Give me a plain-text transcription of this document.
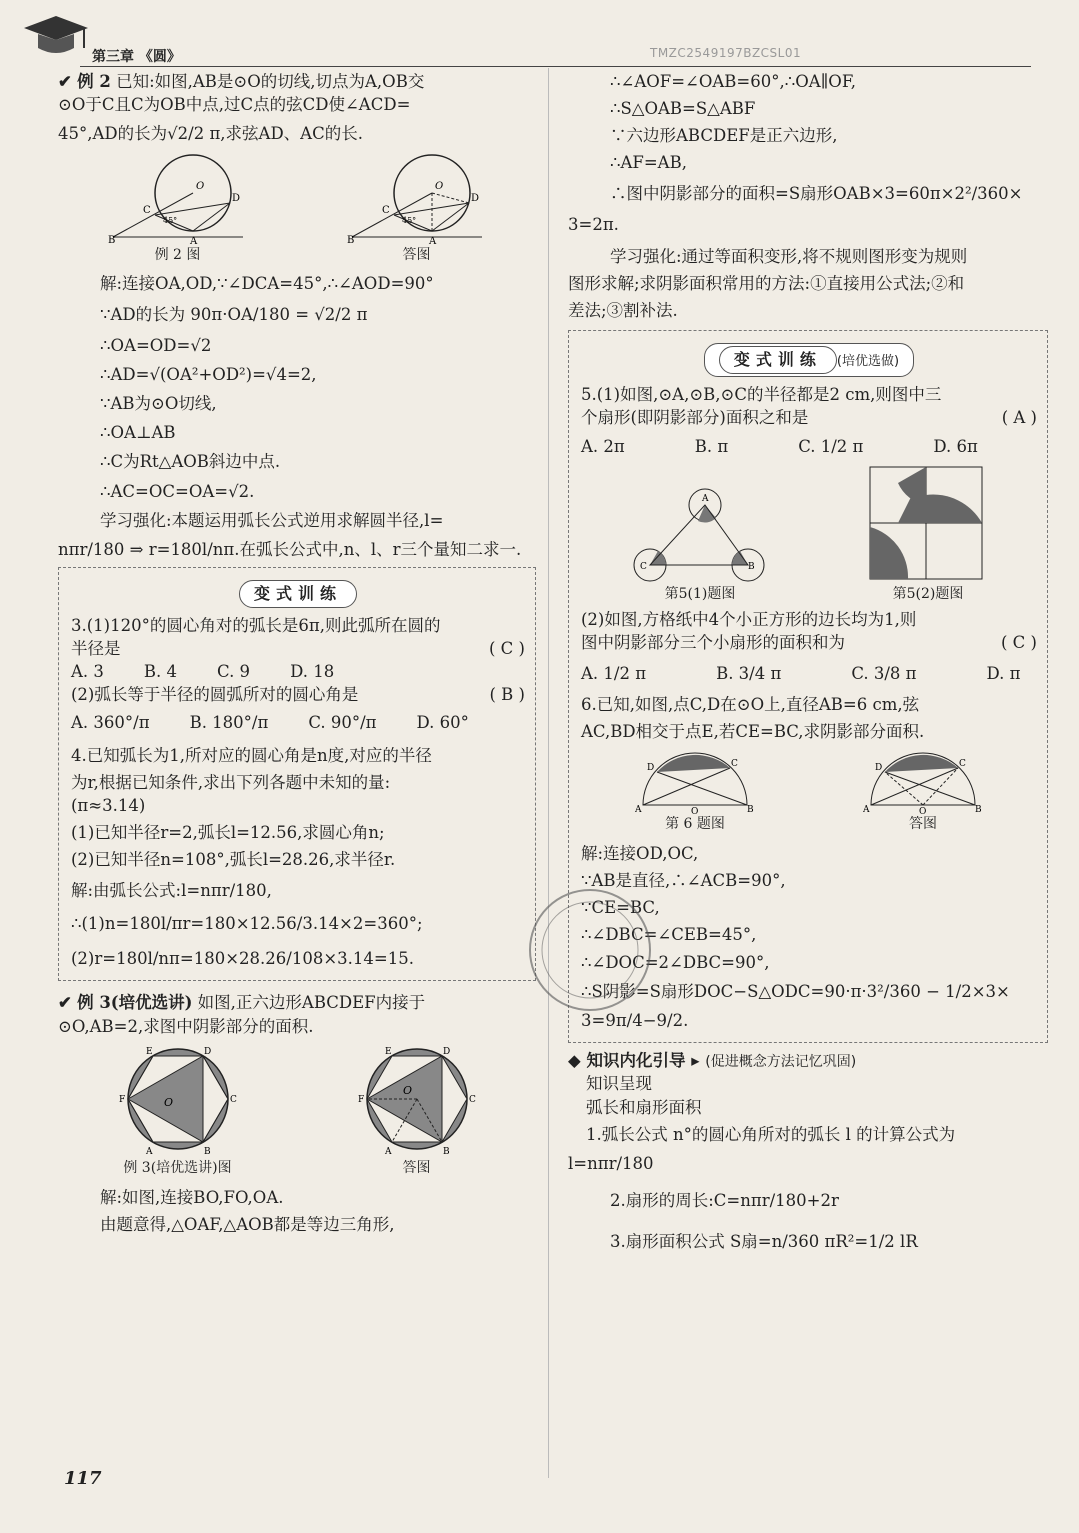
第三章 《圆》	TMZC2549197BZCSL01

✔ 例 2 已知:如图,AB是⊙O的切线,切点为A,OB交

⊙O于C且C为OB中点,过C点的弦CD使∠ACD=

45°,AD的长为√2/2 π,求弦AD、AC的长.

O
B
C
D
A
45°
例 2 图
O
B
C
D
A
45°
答图

解:连接OA,OD,∵∠DCA=45°,∴∠AOD=90°

∵AD的长为 90π·OA/180 = √2/2 π

∴OA=OD=√2

∴AD=√(OA²+OD²)=√4=2,

∵AB为⊙O切线,

∴OA⊥AB

∴C为Rt△AOB斜边中点.

∴AC=OC=OA=√2.

学习强化:本题运用弧长公式逆用求解圆半径,l=

nπr/180 ⇒ r=180l/nπ.在弧长公式中,n、l、r三个量知二求一.

变式训练

3.(1)120°的圆心角对的弧长是6π,则此弧所在圆的

半径是	( C )

A. 3 B. 4 C. 9 D. 18

(2)弧长等于半径的圆弧所对的圆心角是	( B )

A. 360°/π B. 180°/π C. 90°/π D. 60°

4.已知弧长为1,所对应的圆心角是n度,对应的半径

为r,根据已知条件,求出下列各题中未知的量:

(π≈3.14)

(1)已知半径r=2,弧长l=12.56,求圆心角n;

(2)已知半径n=108°,弧长l=28.26,求半径r.

解:由弧长公式:l=nπr/180,

∴(1)n=180l/πr=180×12.56/3.14×2=360°;

(2)r=180l/nπ=180×28.26/108×3.14=15.

✔ 例 3(培优选讲) 如图,正六边形ABCDEF内接于

⊙O,AB=2,求图中阴影部分的面积.

O
E	D
F	C
A	B
例 3(培优选讲)图
O
E	D
F	C
A	B
答图

解:如图,连接BO,FO,OA.

由题意得,△OAF,△AOB都是等边三角形,

∴∠AOF=∠OAB=60°,∴OA∥OF,

∴S△OAB=S△ABF

∵六边形ABCDEF是正六边形,

∴AF=AB,

∴图中阴影部分的面积=S扇形OAB×3=60π×2²/360×

3=2π.

学习强化:通过等面积变形,将不规则图形变为规则

图形求解;求阴影面积常用的方法:①直接用公式法;②和

差法;③割补法.

变式训练 (培优选做)

5.(1)如图,⊙A,⊙B,⊙C的半径都是2 cm,则图中三

个扇形(即阴影部分)面积之和是	( A )

A. 2π	B. π	C. 1/2 π	D. 6π
A
C	B
第5(1)题图	第5(2)题图

(2)如图,方格纸中4个小正方形的边长均为1,则

图中阴影部分三个小扇形的面积和为	( C )

A. 1/2 π	B. 3/4 π	C. 3/8 π	D. π

6.已知,如图,点C,D在⊙O上,直径AB=6 cm,弦

AC,BD相交于点E,若CE=BC,求阴影部分面积.

A	O	B
D	C
第 6 题图
A	O	B
D	C
答图

解:连接OD,OC,

∵AB是直径,∴∠ACB=90°,

∵CE=BC,

∴∠DBC=∠CEB=45°,

∴∠DOC=2∠DBC=90°,

∴S阴影=S扇形DOC−S△ODC=90·π·3²/360 − 1/2×3×

3=9π/4−9/2.

◆ 知识内化引导 ▸ (促进概念方法记忆巩固)

知识呈现

弧长和扇形面积

1.弧长公式 n°的圆心角所对的弧长 l 的计算公式为

l=nπr/180

2.扇形的周长:C=nπr/180+2r

3.扇形面积公式 S扇=n/360 πR²=1/2 lR

117
